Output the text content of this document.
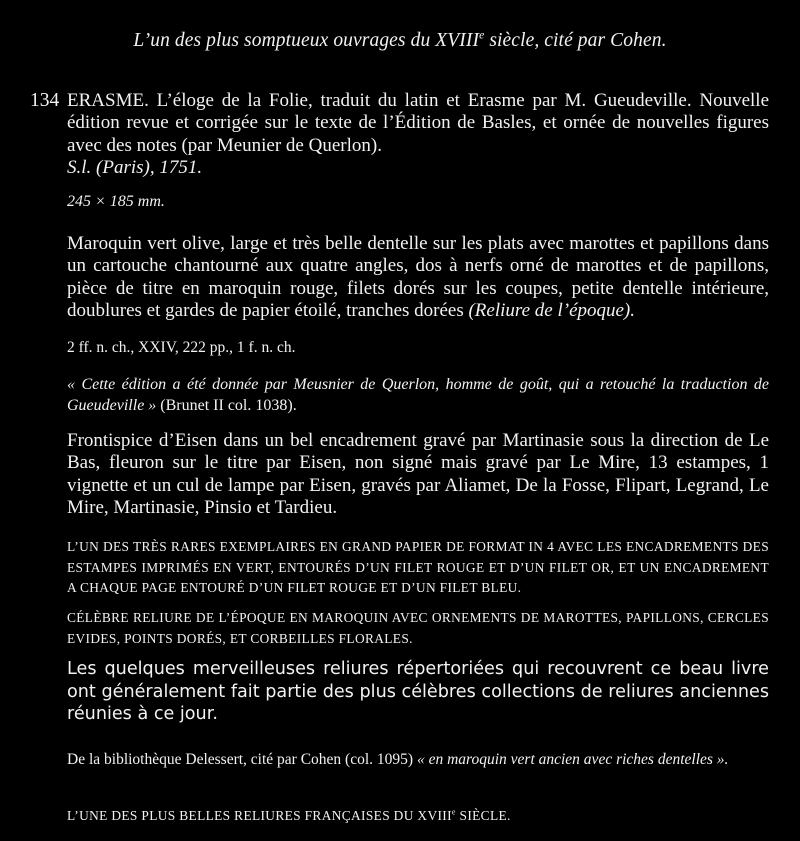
L’un des plus somptueux ouvrages du XVIIIe siècle, cité par Cohen.
134 ERASME. L’éloge de la Folie, traduit du latin et Erasme par M. Gueudeville. Nouvelle édition revue et corrigée sur le texte de l’Édition de Basles, et ornée de nouvelles figures avec des notes (par Meunier de Querlon).
S.l. (Paris), 1751.
245 × 185 mm.
Maroquin vert olive, large et très belle dentelle sur les plats avec marottes et papillons dans un cartouche chantourné aux quatre angles, dos à nerfs orné de marottes et de papillons, pièce de titre en maroquin rouge, filets dorés sur les coupes, petite dentelle intérieure, doublures et gardes de papier étoilé, tranches dorées (Reliure de l’époque).
2 ff. n. ch., XXIV, 222 pp., 1 f. n. ch.
« Cette édition a été donnée par Meusnier de Querlon, homme de goût, qui a retouché la traduction de Gueudeville » (Brunet II col. 1038).
Frontispice d’Eisen dans un bel encadrement gravé par Martinasie sous la direction de Le Bas, fleuron sur le titre par Eisen, non signé mais gravé par Le Mire, 13 estampes, 1 vignette et un cul de lampe par Eisen, gravés par Aliamet, De la Fosse, Flipart, Legrand, Le Mire, Martinasie, Pinsio et Tardieu.
L’UN DES TRÈS RARES EXEMPLAIRES EN GRAND PAPIER DE FORMAT IN 4 AVEC LES ENCADREMENTS DES ESTAMPES IMPRIMÉS EN VERT, ENTOURÉS D’UN FILET ROUGE ET D’UN FILET OR, ET UN ENCADREMENT A CHAQUE PAGE ENTOURÉ D’UN FILET ROUGE ET D’UN FILET BLEU.
CÉLÈBRE RELIURE DE L’ÉPOQUE EN MAROQUIN AVEC ORNEMENTS DE MAROTTES, PAPILLONS, CERCLES EVIDES, POINTS DORÉS, ET CORBEILLES FLORALES.
Les quelques merveilleuses reliures répertoriées qui recouvrent ce beau livre ont généralement fait partie des plus célèbres collections de reliures anciennes réunies à ce jour.
De la bibliothèque Delessert, cité par Cohen (col. 1095) « en maroquin vert ancien avec riches dentelles ».
L’UNE DES PLUS BELLES RELIURES FRANÇAISES DU XVIIIe SIÈCLE.
